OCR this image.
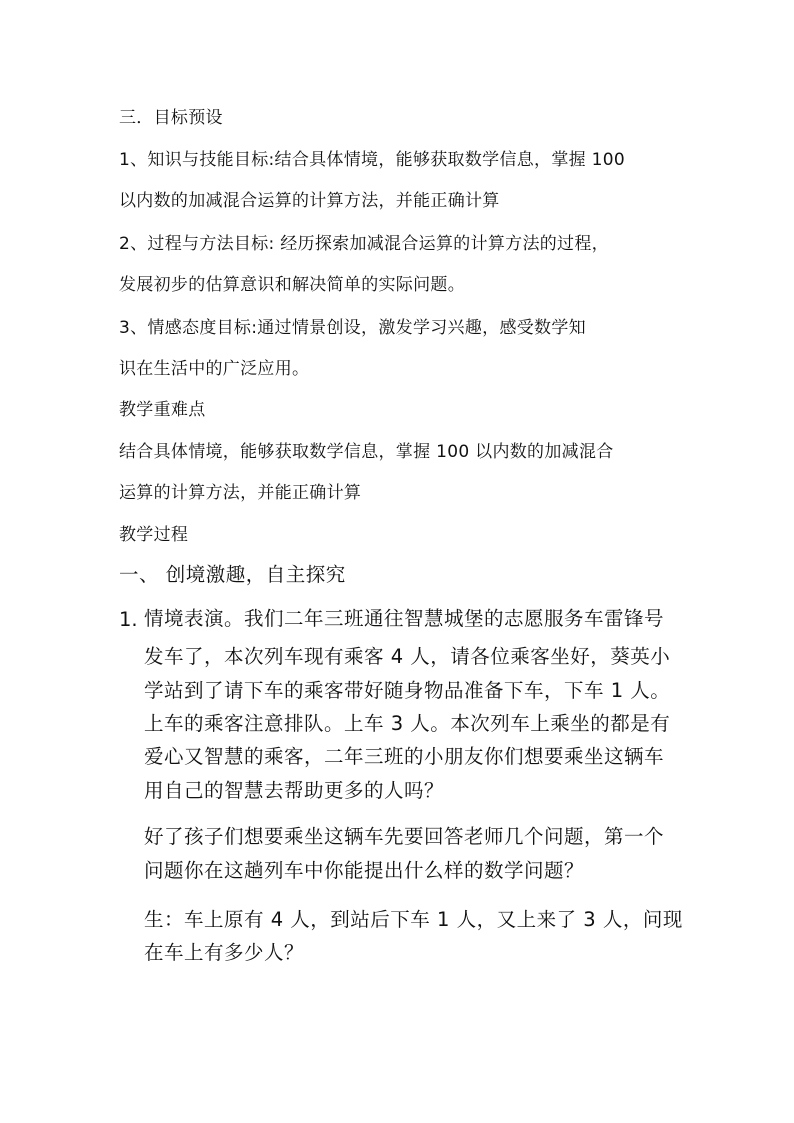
三．目标预设
1、知识与技能目标:结合具体情境，能够获取数学信息，掌握 100
以内数的加减混合运算的计算方法，并能正确计算
2、过程与方法目标: 经历探索加减混合运算的计算方法的过程，
发展初步的估算意识和解决简单的实际问题。
3、情感态度目标:通过情景创设，激发学习兴趣，感受数学知
识在生活中的广泛应用。
教学重难点
结合具体情境，能够获取数学信息，掌握 100 以内数的加减混合
运算的计算方法，并能正确计算
教学过程
一、 创境激趣，自主探究
1. 情境表演。我们二年三班通往智慧城堡的志愿服务车雷锋号
发车了，本次列车现有乘客 4 人，请各位乘客坐好，葵英小
学站到了请下车的乘客带好随身物品准备下车，下车 1 人。
上车的乘客注意排队。上车 3 人。本次列车上乘坐的都是有
爱心又智慧的乘客，二年三班的小朋友你们想要乘坐这辆车
用自己的智慧去帮助更多的人吗？
好了孩子们想要乘坐这辆车先要回答老师几个问题，第一个
问题你在这趟列车中你能提出什么样的数学问题？
生：车上原有 4 人，到站后下车 1 人，又上来了 3 人，问现
在车上有多少人？
